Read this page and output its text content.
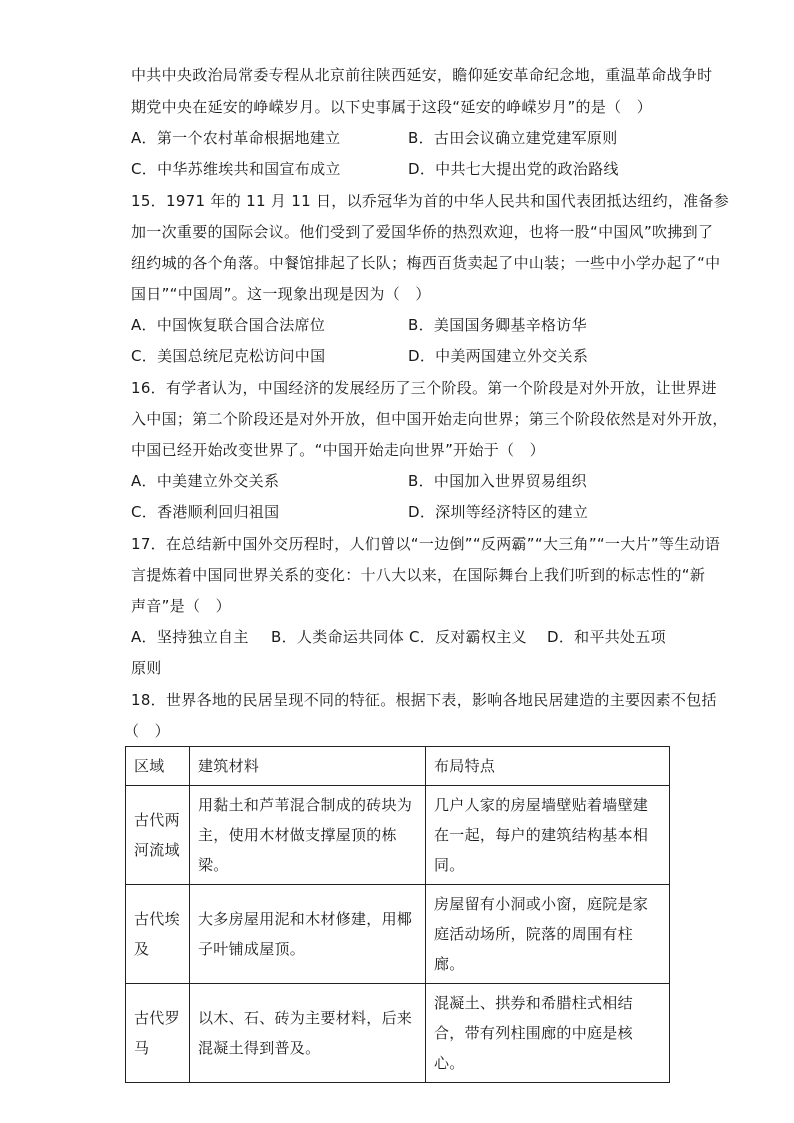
中共中央政治局常委专程从北京前往陕西延安，瞻仰延安革命纪念地，重温革命战争时
期党中央在延安的峥嵘岁月。以下史事属于这段“延安的峥嵘岁月”的是（　）
A．第一个农村革命根据地建立	B．古田会议确立建党建军原则
C．中华苏维埃共和国宣布成立	D．中共七大提出党的政治路线
15．1971 年的 11 月 11 日，以乔冠华为首的中华人民共和国代表团抵达纽约，准备参
加一次重要的国际会议。他们受到了爱国华侨的热烈欢迎，也将一股“中国风”吹拂到了
纽约城的各个角落。中餐馆排起了长队；梅西百货卖起了中山装；一些中小学办起了“中
国日”“中国周”。这一现象出现是因为（　）
A．中国恢复联合国合法席位	B．美国国务卿基辛格访华
C．美国总统尼克松访问中国	D．中美两国建立外交关系
16．有学者认为，中国经济的发展经历了三个阶段。第一个阶段是对外开放，让世界进
入中国；第二个阶段还是对外开放，但中国开始走向世界；第三个阶段依然是对外开放，
中国已经开始改变世界了。“中国开始走向世界”开始于（　）
A．中美建立外交关系	B．中国加入世界贸易组织
C．香港顺利回归祖国	D．深圳等经济特区的建立
17．在总结新中国外交历程时，人们曾以“一边倒”“反两霸”“大三角”“一大片”等生动语
言提炼着中国同世界关系的变化：十八大以来，在国际舞台上我们听到的标志性的“新
声音”是（　）
A．坚持独立自主 B．人类命运共同体 C．反对霸权主义 D．和平共处五项
原则
18．世界各地的民居呈现不同的特征。根据下表，影响各地民居建造的主要因素不包括
（　）
区域	建筑材料	布局特点
古代两河流域	用黏土和芦苇混合制成的砖块为主，使用木材做支撑屋顶的栋梁。	几户人家的房屋墙壁贴着墙壁建在一起，每户的建筑结构基本相同。
古代埃及	大多房屋用泥和木材修建，用椰子叶铺成屋顶。	房屋留有小洞或小窗，庭院是家庭活动场所，院落的周围有柱廊。
古代罗马	以木、石、砖为主要材料，后来混凝土得到普及。	混凝土、拱券和希腊柱式相结合，带有列柱围廊的中庭是核心。
